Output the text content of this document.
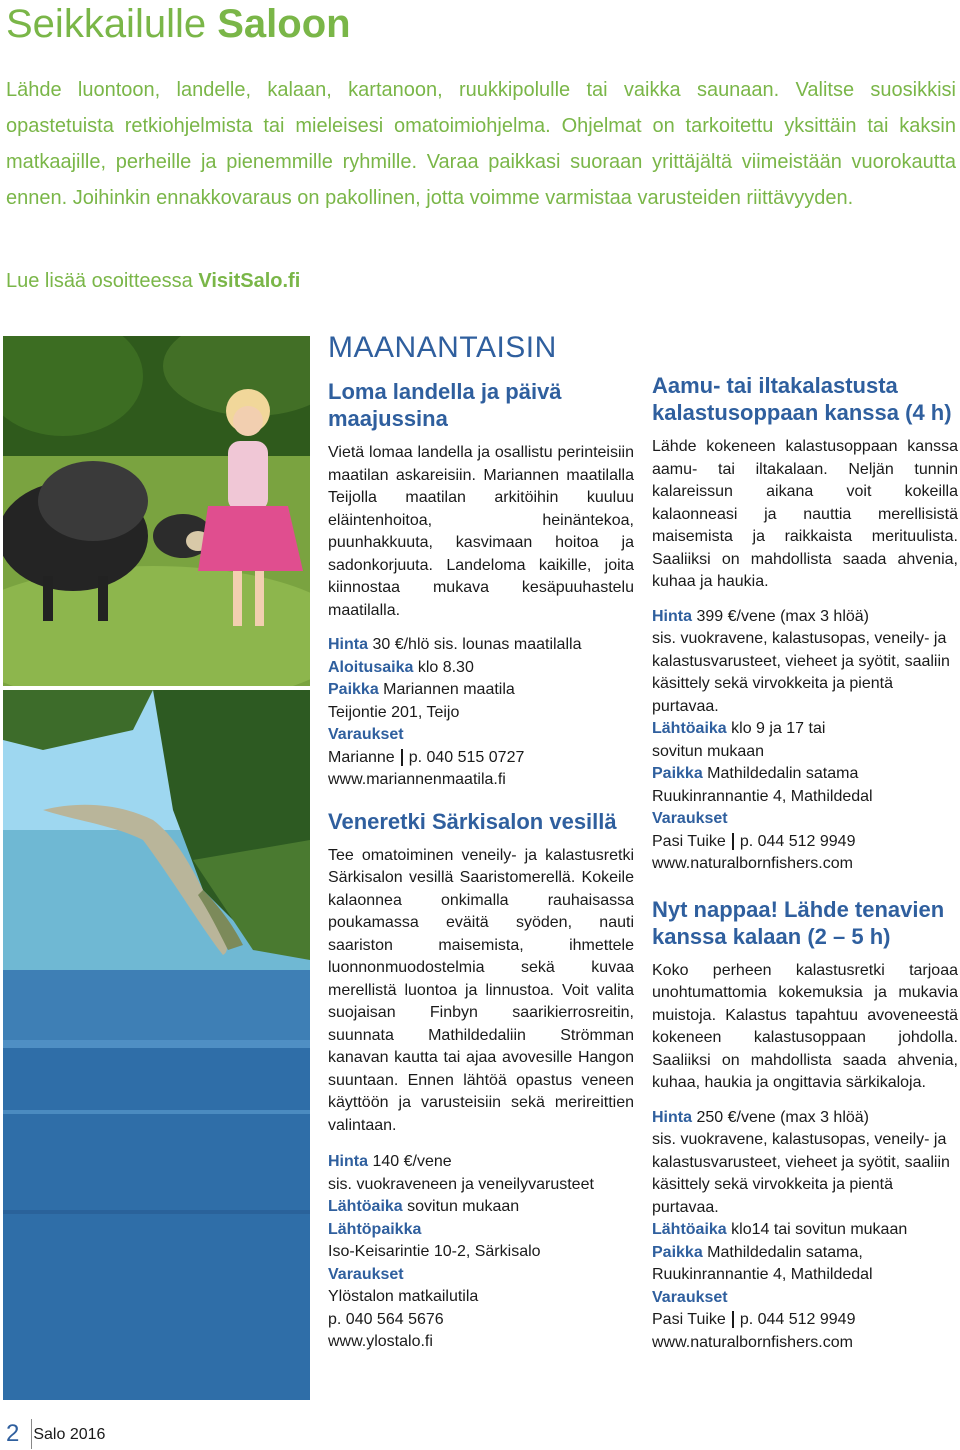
Seikkailulle Saloon

Lähde luontoon, landelle, kalaan, kartanoon, ruukkipolulle tai vaikka saunaan. Valitse suosikkisi opastetuista retkiohjelmista tai mieleisesi omatoimiohjelma. Ohjelmat on tarkoitettu yksittäin tai kaksin matkaajille, perheille ja pienemmille ryhmille. Varaa paikkasi suoraan yrittäjältä viimeistään vuorokautta ennen. Joihinkin ennakkovaraus on pakollinen, jotta voimme varmistaa varusteiden riittävyyden.

Lue lisää osoitteessa VisitSalo.fi
MAANANTAISIN
Loma landella ja päivä maajussina

Vietä lomaa landella ja osallistu perinteisiin maatilan askareisiin. Mariannen maatilalla Teijolla maatilan arkitöihin kuuluu eläintenhoitoa, heinäntekoa, puunhakkuuta, kasvimaan hoitoa ja sadonkorjuuta. Landeloma kaikille, joita kiinnostaa mukava kesäpuuhastelu maatilalla.

Hinta 30 €/hlö sis. lounas maatilalla

Aloitusaika klo 8.30

Paikka Mariannen maatila

Teijontie 201, Teijo

Varaukset

Marianne p. 040 515 0727

www.mariannenmaatila.fi

Veneretki Särkisalon vesillä

Tee omatoiminen veneily- ja kalastusretki Särkisalon vesillä Saaristomerellä. Kokeile kalaonnea onkimalla rauhaisassa poukamassa eväitä syöden, nauti saariston maisemista, ihmettele luonnonmuodostelmia sekä kuvaa merellistä luontoa ja linnustoa. Voit valita suojaisan Finbyn saarikierrosreitin, suunnata Mathildedaliin Strömman kanavan kautta tai ajaa avovesille Hangon suuntaan. Ennen lähtöä opastus veneen käyttöön ja varusteisiin sekä merireittien valintaan.

Hinta 140 €/vene

sis. vuokraveneen ja veneilyvarusteet

Lähtöaika sovitun mukaan

Lähtöpaikka

Iso-Keisarintie 10-2, Särkisalo

Varaukset

Ylöstalon matkailutila

p. 040 564 5676

www.ylostalo.fi

Aamu- tai iltakalastusta kalastusoppaan kanssa (4 h)

Lähde kokeneen kalastusoppaan kanssa aamu- tai iltakalaan. Neljän tunnin kalareissun aikana voit kokeilla kalaonneasi ja nauttia merellisistä maisemista ja raikkaista merituulista. Saaliiksi on mahdollista saada ahvenia, kuhaa ja haukia.

Hinta 399 €/vene (max 3 hlöä)

sis. vuokravene, kalastusopas, veneily- ja kalastusvarusteet, vieheet ja syötit, saaliin käsittely sekä virvokkeita ja pientä purtavaa.

Lähtöaika klo 9 ja 17 tai

sovitun mukaan

Paikka Mathildedalin satama

Ruukinrannantie 4, Mathildedal

Varaukset

Pasi Tuike p. 044 512 9949

www.naturalbornfishers.com

Nyt nappaa! Lähde tenavien kanssa kalaan (2 – 5 h)

Koko perheen kalastusretki tarjoaa unohtumattomia kokemuksia ja mukavia muistoja. Kalastus tapahtuu avoveneestä kokeneen kalastusoppaan johdolla. Saaliiksi on mahdollista saada ahvenia, kuhaa, haukia ja ongittavia särkikaloja.

Hinta 250 €/vene (max 3 hlöä)

sis. vuokravene, kalastusopas, veneily- ja kalastusvarusteet, vieheet ja syötit, saaliin käsittely sekä virvokkeita ja pientä purtavaa.

Lähtöaika klo14 tai sovitun mukaan

Paikka Mathildedalin satama,

Ruukinrannantie 4, Mathildedal

Varaukset

Pasi Tuike p. 044 512 9949

www.naturalbornfishers.com

2 Salo 2016
